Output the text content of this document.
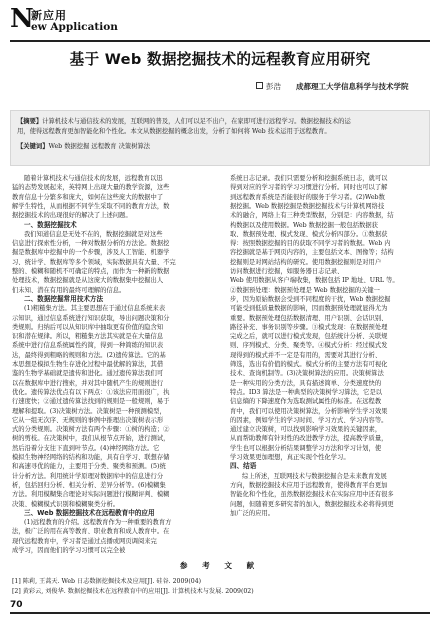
N
新应用
ew Application
基于 Web 数据挖掘技术的远程教育应用研究
彭浩 成都理工大学信息科学与技术学院
【摘要】计算机技术与通信技术的发展，互联网的普及，人们可以足不出户，在家即可进行远程学习。数据挖掘技术的运
用，使得远程教育更加智能化和个性化。本文从数据挖掘的概念出发，分析了如何将 Web 技术运用于远程教育。
【关键词】Web 数据挖掘 远程教育 决策树算法
随着计算机技术与通信技术的发展，远程教育以迅
猛的态势发展起来，英特网上出现大量的教学资源，这些
教育信息十分繁多和庞大，如何在这些庞大的数据中了
解学生特性，从而根据不同学生采取不同的教育方法，数
据挖掘技术的出现很好的解决了上述问题。
一、数据挖掘技术
我们知道信息是无处不在的，数据挖掘就是对这些
信息进行探索性分析，一种对数据分析的方法论。数据挖
掘是数据库中挖掘中的一个步骤，涉及人工智能、机器学
习、统计学、数据库等多个领域，实际数据具有大量、不完
整的、模糊和随机不可确定的特点，而作为一种新的数据
处理技术，数据挖掘就是从这庞大的数据集中挖掘出人
们未知、潜在有用的最终可理解的信息。
二、数据挖掘常用技术方法
(1)粗糙集方法。其主要思想在于通过信息系统来表
示知识，通过信息系统进行知识获取，导出问题决策和分
类规则。归纳后可以从知识库中抽取更有价值的隐含知
识和潜在规律。所以，粗糙集方法其实就是在大量信息
系统中进行信息系统属性约简，得到一种简练的知识表
达，最终得到粗略的规则和方法。(2)遗传算法。它的基
本思想是模拟生物生存进化过程中最优解的算法，其借
鉴的生物学基础就是遗传和进化。通过遗传算法我们可
以在数据库中进行搜索，并对其中随机产生的规则进行
优化。遗传算法优点有以下两点：①该法应用面很广，执
行速度快；②通过遗传算法找到的规则是一般规则，易于
理解和提取。(3)决策树方法。决策树是一种预测模型，
它从一组无次序、无规则的事例中推理出决策树表示形
式的分类规则。决策树方法有两个步骤：①树的构造；②
树的剪枝。在决策树中，我们从根节点开始，进行测试，
然后沿着分支往下直到叶节点。(4)神经网络方法。它
模拟生物神经网络的结构和功能，具有自学习、联想存储
和高速寻优的能力，主要用于分类、聚类和预测。(5)统
计分析方法。利用统计学原理对数据库中的信息进行分
析，包括回归分析、相关分析、差异分析等。(6)模糊集
方法。利用模糊集合理论对实际问题进行模糊评判、模糊
决策、模糊模式识别和模糊聚类分析。
三、Web 数据挖掘技术在远程教育中的应用
(1)远程教育的介绍。远程教育作为一种重要的教育方
法，极广泛的用在高等教育、职业教育和成人教育中。在
现代远程教育中，学习者是通过点播或网页调阅来完
成学习，因而他们的学习习惯可以完全被
系统日志记录。我们只需要分析和挖掘系统日志，就可以
得到对应的学习者的学习习惯进行分析。同时也可以了解
到远程教育系统是否能很好的服务于学习者。(2)Web数
据挖掘。Web 数据挖掘是数据挖掘技术与计算机网络技
术的融合，网络上有三种类型数据，分别是：内容数据，结
构数据以及使用数据。Web 数据挖掘一般包括数据获
取、数据预处理、模式发现、模式分析四部分。①数据获
得：按照数据挖掘的目的获取不同学习者的数据。Web 内
容挖掘就是基于网页内容的，主要包括文本、图像等；结构
挖掘则是对网站结构的研究。使用数据挖掘则是对用户
访问数据进行挖掘，如服务器日志记录、
Web 使用数据从客户端收集，数据包括 IP 地址、URL 等。
②数据预处理：数据预处理是 Web 数据挖掘的关键一
步，因为原始数据会受到不同程度的干扰，Web 数据挖掘
可能受到低质量数据的影响，因而数据预处理就显得尤为
重要。数据预处理包括数据清理、用户识别、会话识别、
路径补充、事务识别等步骤。③模式发现：在数据预处理
完成之后，就可以进行模式发现，包括统计分析、关联规
则、序列模式、分类、聚类等。④模式分析：经过模式发
现得到的模式并不一定是有用的，需要对其进行分析、
筛选，选出有价值的模式。模式分析的主要方法有可视化
技术、查询机制等。(3)决策树算法的应用。决策树算法
是一种实用的分类方法，具有描述简单、分类速度快的
特点。ID3 算法是一种典型的决策树学习算法，它是以
信息熵的下降速度作为选取测试属性的标准。在远程教
育中，我们可以使用决策树算法，分析影响学生学习效果
的因素，例如学生的学习时间、学习方式、学习内容等。
通过建立决策树，可以找到影响学习效果的关键因素，
从而帮助教师有针对性的改进教学方法，提高教学质量，
学生也可以根据分析结果调整学习方法和学习计划，使
学习效果更加理想，真正实现个性化学习。
四、结语
综上所述，互联网技术与数据挖掘合是未来教育发展
方向，数据挖掘技术应用于远程教育，使得教育平台更加
智能化和个性化，虽然数据挖掘技术在实际应用中还有很多
问题，但随着更多研究者的加入，数据挖掘技术必将得到更
加广泛的应用。
参 考 文 献
[1] 陈莉, 王蒿天. Web 日志数据挖掘技术及应用[J]. 硅谷. 2009(04)
[2] 黄彩云, 刘俊华. 数据挖掘技术在远程教育中的应用[J]. 计算机技术与发展. 2009(02)
70
